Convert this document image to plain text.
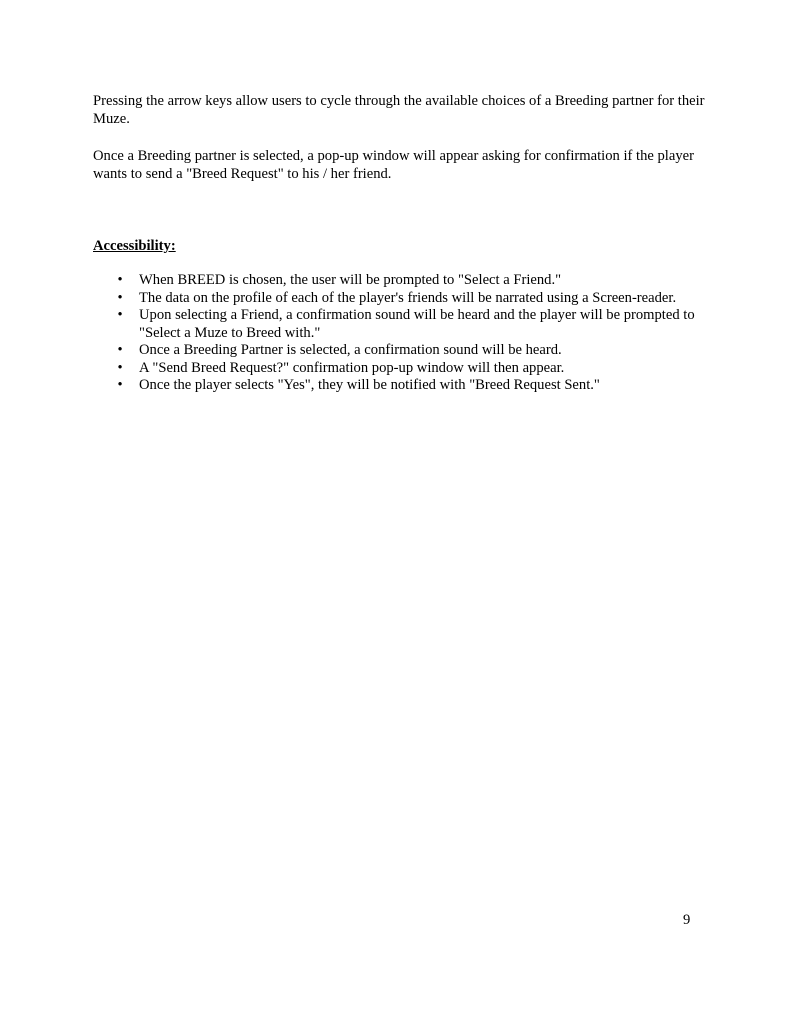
Pressing the arrow keys allow users to cycle through the available choices of a Breeding partner for their Muze.

Once a Breeding partner is selected, a pop-up window will appear asking for confirmation if the player wants to send a "Breed Request" to his / her friend.

Accessibility:

• When BREED is chosen, the user will be prompted to "Select a Friend."
• The data on the profile of each of the player's friends will be narrated using a Screen-reader.
• Upon selecting a Friend, a confirmation sound will be heard and the player will be prompted to "Select a Muze to Breed with."
• Once a Breeding Partner is selected, a confirmation sound will be heard.
• A "Send Breed Request?" confirmation pop-up window will then appear.
• Once the player selects "Yes", they will be notified with "Breed Request Sent."

9
